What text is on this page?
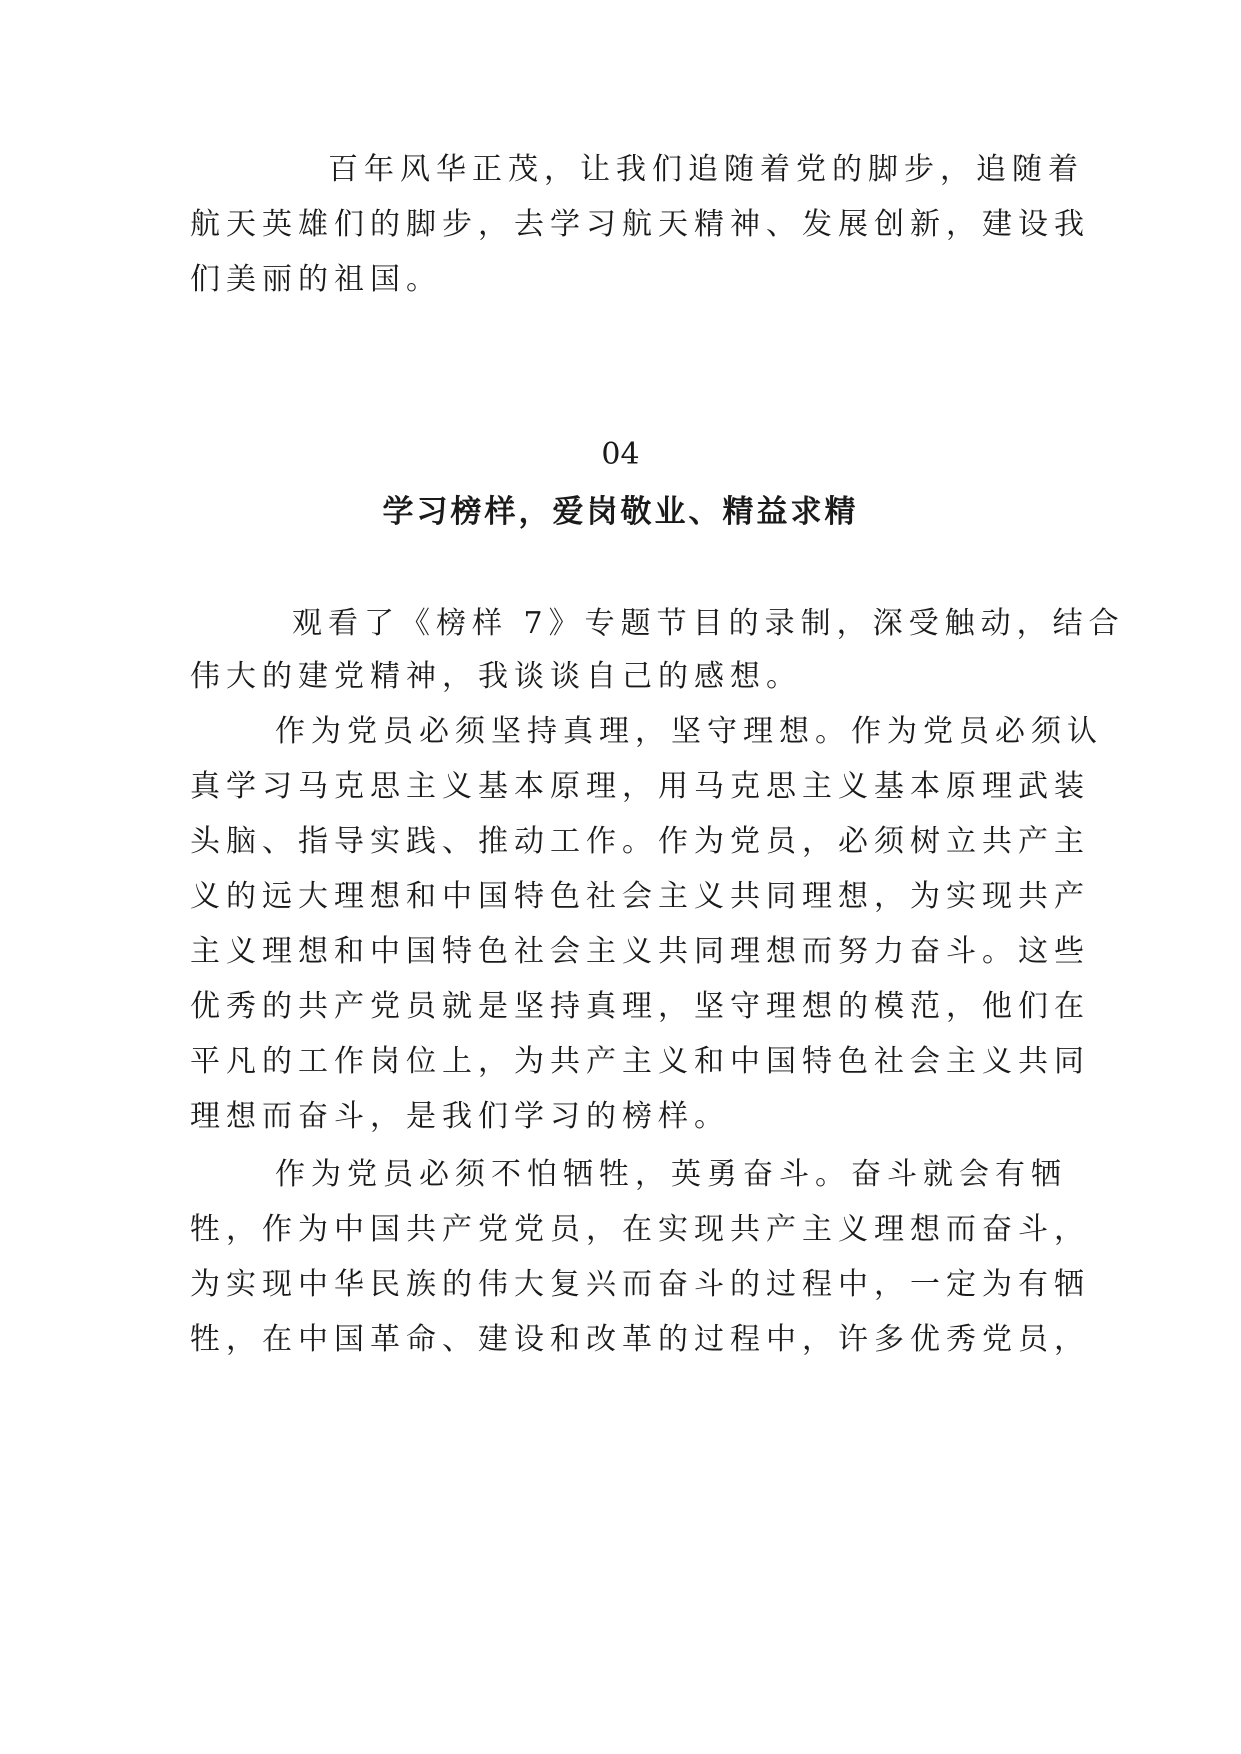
百年风华正茂，让我们追随着党的脚步，追随着
航天英雄们的脚步，去学习航天精神、发展创新，建设我
们美丽的祖国。
04
学习榜样，爱岗敬业、精益求精
观看了《榜样 7》专题节目的录制，深受触动，结合
伟大的建党精神，我谈谈自己的感想。
作为党员必须坚持真理，坚守理想。作为党员必须认
真学习马克思主义基本原理，用马克思主义基本原理武装
头脑、指导实践、推动工作。作为党员，必须树立共产主
义的远大理想和中国特色社会主义共同理想，为实现共产
主义理想和中国特色社会主义共同理想而努力奋斗。这些
优秀的共产党员就是坚持真理，坚守理想的模范，他们在
平凡的工作岗位上，为共产主义和中国特色社会主义共同
理想而奋斗，是我们学习的榜样。
作为党员必须不怕牺牲，英勇奋斗。奋斗就会有牺
牲，作为中国共产党党员，在实现共产主义理想而奋斗，
为实现中华民族的伟大复兴而奋斗的过程中，一定为有牺
牲，在中国革命、建设和改革的过程中，许多优秀党员，
